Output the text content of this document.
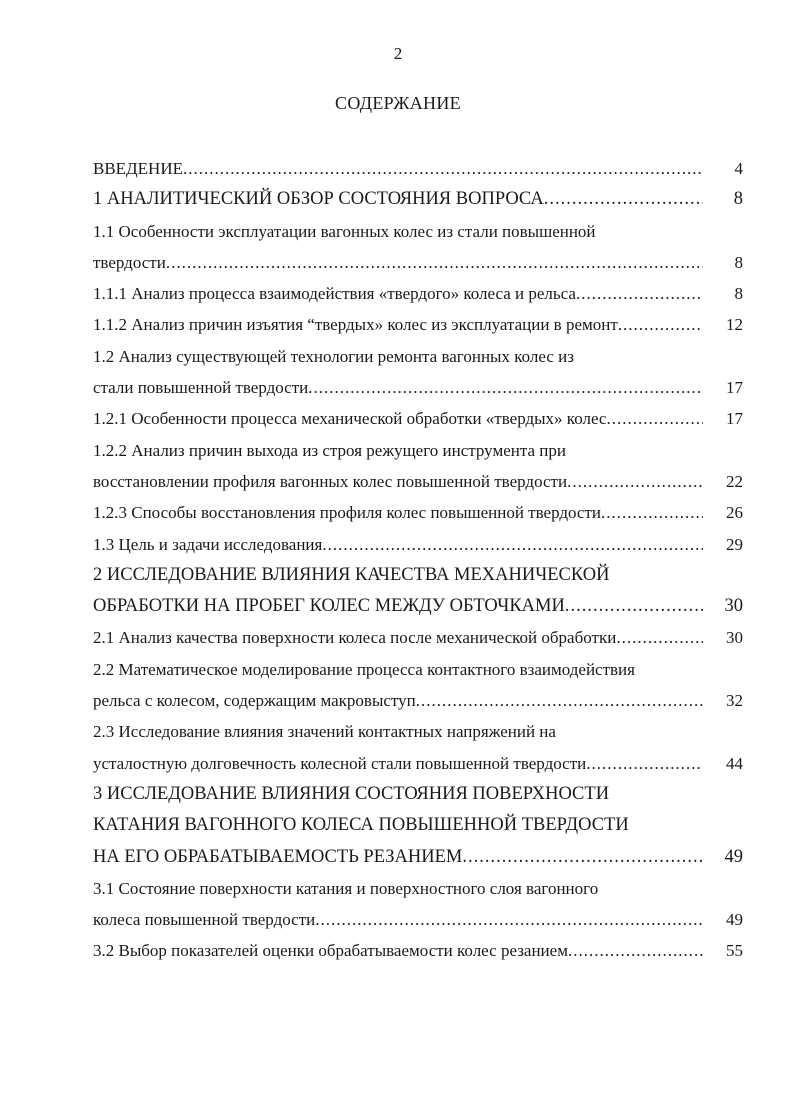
2
СОДЕРЖАНИЕ
ВВЕДЕНИЕ .....	4
1 АНАЛИТИЧЕСКИЙ ОБЗОР СОСТОЯНИЯ ВОПРОСА .....	8
1.1 Особенности эксплуатации вагонных колес из стали повышенной
твердости .....	8
1.1.1 Анализ процесса взаимодействия «твердого» колеса и рельса .....	8
1.1.2 Анализ причин изъятия “твердых» колес из эксплуатации в ремонт .....	12
1.2 Анализ существующей технологии ремонта вагонных колес из
стали повышенной твердости .....	17
1.2.1 Особенности процесса механической обработки «твердых» колес .....	17
1.2.2 Анализ причин выхода из строя режущего инструмента при
восстановлении профиля вагонных колес повышенной твердости .....	22
1.2.3 Способы восстановления профиля колес повышенной твердости .....	26
1.3 Цель и задачи исследования .....	29
2 ИССЛЕДОВАНИЕ ВЛИЯНИЯ КАЧЕСТВА МЕХАНИЧЕСКОЙ
ОБРАБОТКИ НА ПРОБЕГ КОЛЕС МЕЖДУ ОБТОЧКАМИ .....	30
2.1 Анализ качества поверхности колеса после механической обработки .....	30
2.2 Математическое моделирование процесса контактного взаимодействия
рельса с колесом, содержащим макровыступ .....	32
2.3 Исследование влияния значений контактных напряжений на
усталостную долговечность колесной стали повышенной твердости .....	44
3 ИССЛЕДОВАНИЕ ВЛИЯНИЯ СОСТОЯНИЯ ПОВЕРХНОСТИ
КАТАНИЯ ВАГОННОГО КОЛЕСА ПОВЫШЕННОЙ ТВЕРДОСТИ
НА ЕГО ОБРАБАТЫВАЕМОСТЬ РЕЗАНИЕМ .....	49
3.1 Состояние поверхности катания и поверхностного слоя вагонного
колеса повышенной твердости .....	49
3.2 Выбор показателей оценки обрабатываемости колес резанием .....	55
